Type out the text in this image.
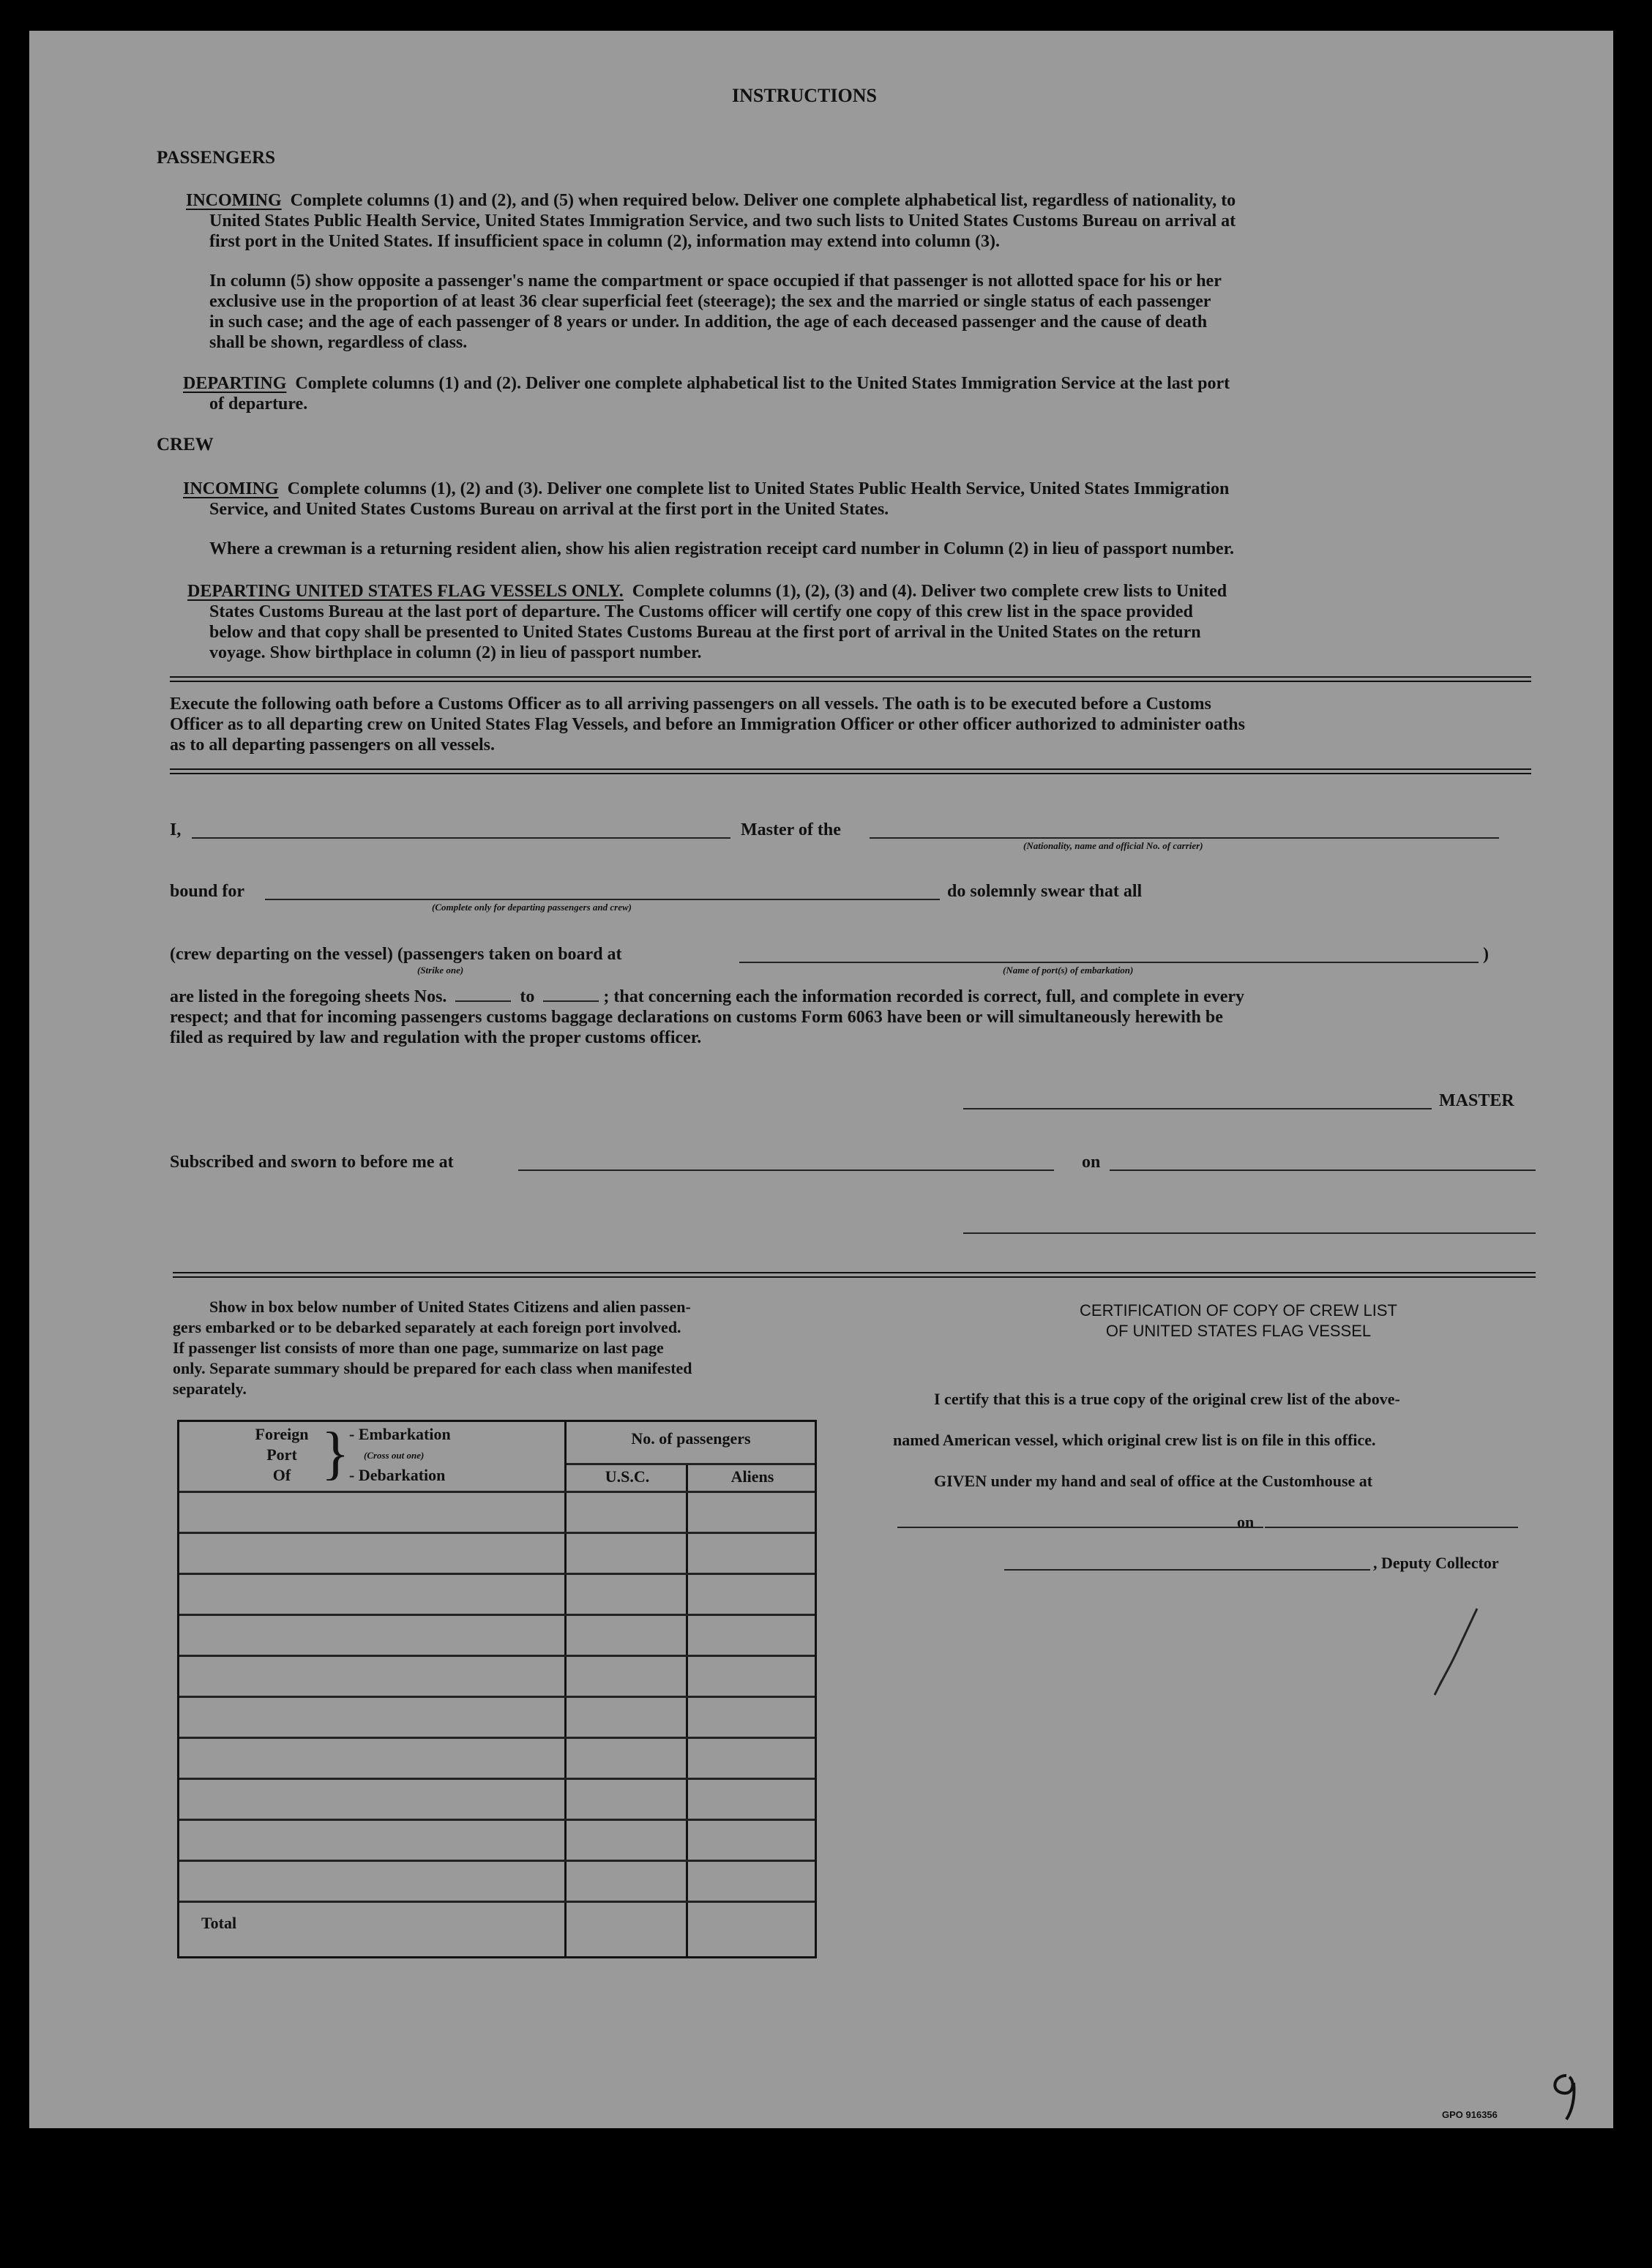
INSTRUCTIONS
PASSENGERS
INCOMING Complete columns (1) and (2), and (5) when required below. Deliver one complete alphabetical list, regardless of nationality, to
United States Public Health Service, United States Immigration Service, and two such lists to United States Customs Bureau on arrival at
first port in the United States. If insufficient space in column (2), information may extend into column (3).
In column (5) show opposite a passenger's name the compartment or space occupied if that passenger is not allotted space for his or her
exclusive use in the proportion of at least 36 clear superficial feet (steerage); the sex and the married or single status of each passenger
in such case; and the age of each passenger of 8 years or under. In addition, the age of each deceased passenger and the cause of death
shall be shown, regardless of class.
DEPARTING Complete columns (1) and (2). Deliver one complete alphabetical list to the United States Immigration Service at the last port
of departure.
CREW
INCOMING Complete columns (1), (2) and (3). Deliver one complete list to United States Public Health Service, United States Immigration
Service, and United States Customs Bureau on arrival at the first port in the United States.
Where a crewman is a returning resident alien, show his alien registration receipt card number in Column (2) in lieu of passport number.
DEPARTING UNITED STATES FLAG VESSELS ONLY. Complete columns (1), (2), (3) and (4). Deliver two complete crew lists to United
States Customs Bureau at the last port of departure. The Customs officer will certify one copy of this crew list in the space provided
below and that copy shall be presented to United States Customs Bureau at the first port of arrival in the United States on the return
voyage. Show birthplace in column (2) in lieu of passport number.
Execute the following oath before a Customs Officer as to all arriving passengers on all vessels. The oath is to be executed before a Customs
Officer as to all departing crew on United States Flag Vessels, and before an Immigration Officer or other officer authorized to administer oaths
as to all departing passengers on all vessels.
I,	Master of the
(Nationality, name and official No. of carrier)
bound for
(Complete only for departing passengers and crew)
do solemnly swear that all
(crew departing on the vessel) (passengers taken on board at
(Strike one)	(Name of port(s) of embarkation)
)
are listed in the foregoing sheets Nos.	to	; that concerning each the information recorded is correct, full, and complete in every
respect; and that for incoming passengers customs baggage declarations on customs Form 6063 have been or will simultaneously herewith be
filed as required by law and regulation with the proper customs officer.
MASTER
Subscribed and sworn to before me at	on
Show in box below number of United States Citizens and alien passen-
gers embarked or to be debarked separately at each foreign port involved.
If passenger list consists of more than one page, summarize on last page
only. Separate summary should be prepared for each class when manifested
separately.
Foreign
Port
Of } - Embarkation
(Cross out one)
- Debarkation
No. of passengers
U.S.C.	Aliens
Total
CERTIFICATION OF COPY OF CREW LIST
OF UNITED STATES FLAG VESSEL
I certify that this is a true copy of the original crew list of the above-
named American vessel, which original crew list is on file in this office.
GIVEN under my hand and seal of office at the Customhouse at
on
, Deputy Collector
GPO 916356
